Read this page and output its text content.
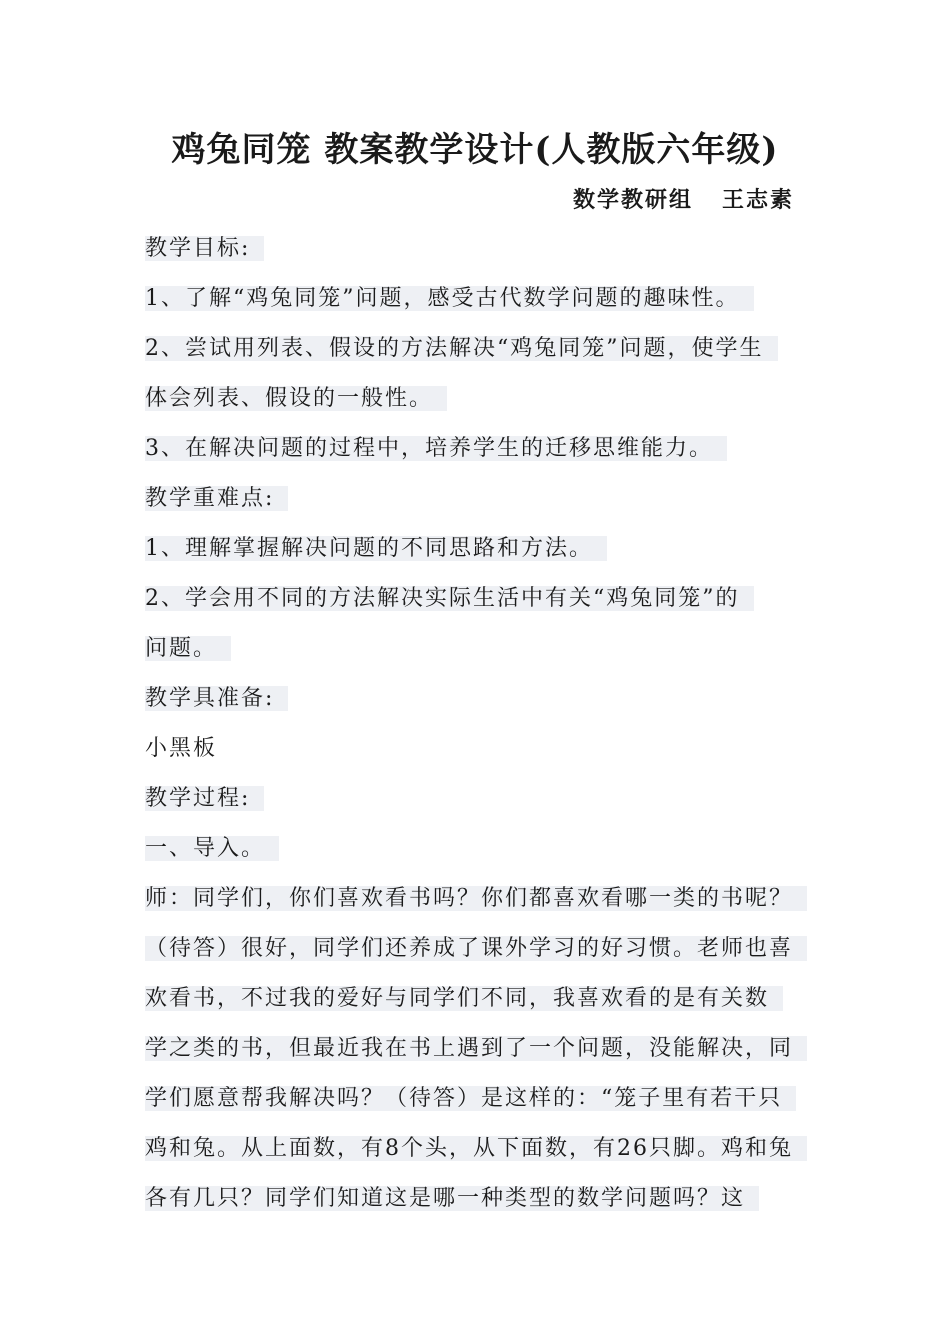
鸡兔同笼 教案教学设计(人教版六年级)
数学教研组   王志素
教学目标:
1、了解“鸡兔同笼”问题，感受古代数学问题的趣味性。
2、尝试用列表、假设的方法解决“鸡兔同笼”问题，使学生
体会列表、假设的一般性。
3、在解决问题的过程中，培养学生的迁移思维能力。
教学重难点:
1、理解掌握解决问题的不同思路和方法。
2、学会用不同的方法解决实际生活中有关“鸡兔同笼”的
问题。
教学具准备:
小黑板
教学过程:
一、导入。
师：同学们，你们喜欢看书吗？你们都喜欢看哪一类的书呢？
（待答）很好，同学们还养成了课外学习的好习惯。老师也喜
欢看书，不过我的爱好与同学们不同，我喜欢看的是有关数
学之类的书，但最近我在书上遇到了一个问题，没能解决，同
学们愿意帮我解决吗？（待答）是这样的：“笼子里有若干只
鸡和兔。从上面数，有8个头，从下面数，有26只脚。鸡和兔
各有几只？同学们知道这是哪一种类型的数学问题吗？这
